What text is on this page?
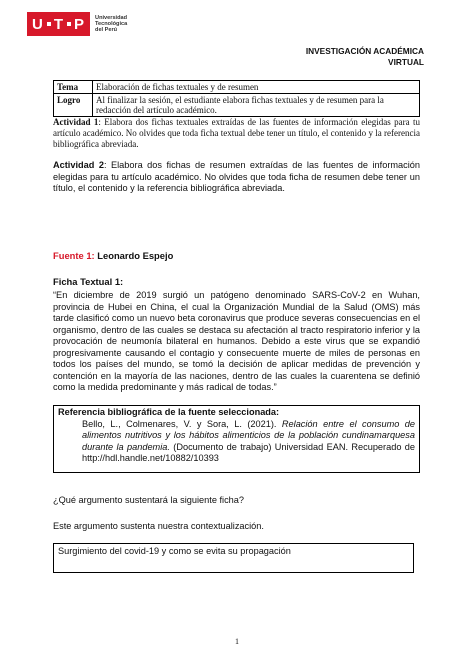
U T P Universidad
Tecnológica
del Perú
INVESTIGACIÓN ACADÉMICA
VIRTUAL
Tema	Elaboración de fichas textuales y de resumen
Logro	Al finalizar la sesión, el estudiante elabora fichas textuales y de resumen para la redacción del artículo académico.
Actividad 1: Elabora dos fichas textuales extraídas de las fuentes de información elegidas para tu artículo académico. No olvides que toda ficha textual debe tener un título, el contenido y la referencia bibliográfica abreviada.
Actividad 2: Elabora dos fichas de resumen extraídas de las fuentes de información elegidas para tu artículo académico. No olvides que toda ficha de resumen debe tener un título, el contenido y la referencia bibliográfica abreviada.
Fuente 1: Leonardo Espejo
Ficha Textual 1:
“En diciembre de 2019 surgió un patógeno denominado SARS-CoV-2 en Wuhan, provincia de Hubei en China, el cual la Organización Mundial de la Salud (OMS) más tarde clasificó como un nuevo beta coronavirus que produce severas consecuencias en el organismo, dentro de las cuales se destaca su afectación al tracto respiratorio inferior y la provocación de neumonía bilateral en humanos. Debido a este virus que se expandió progresivamente causando el contagio y consecuente muerte de miles de personas en todos los países del mundo, se tomó la decisión de aplicar medidas de prevención y contención en la mayoría de las naciones, dentro de las cuales la cuarentena se definió como la medida predominante y más radical de todas.”
Referencia bibliográfica de la fuente seleccionada:
Bello, L., Colmenares, V. y Sora, L. (2021). Relación entre el consumo de alimentos nutritivos y los hábitos alimenticios de la población cundinamarquesa durante la pandemia. (Documento de trabajo) Universidad EAN. Recuperado de http://hdl.handle.net/10882/10393
¿Qué argumento sustentará la siguiente ficha?
Este argumento sustenta nuestra contextualización.
Surgimiento del covid-19 y como se evita su propagación
1
